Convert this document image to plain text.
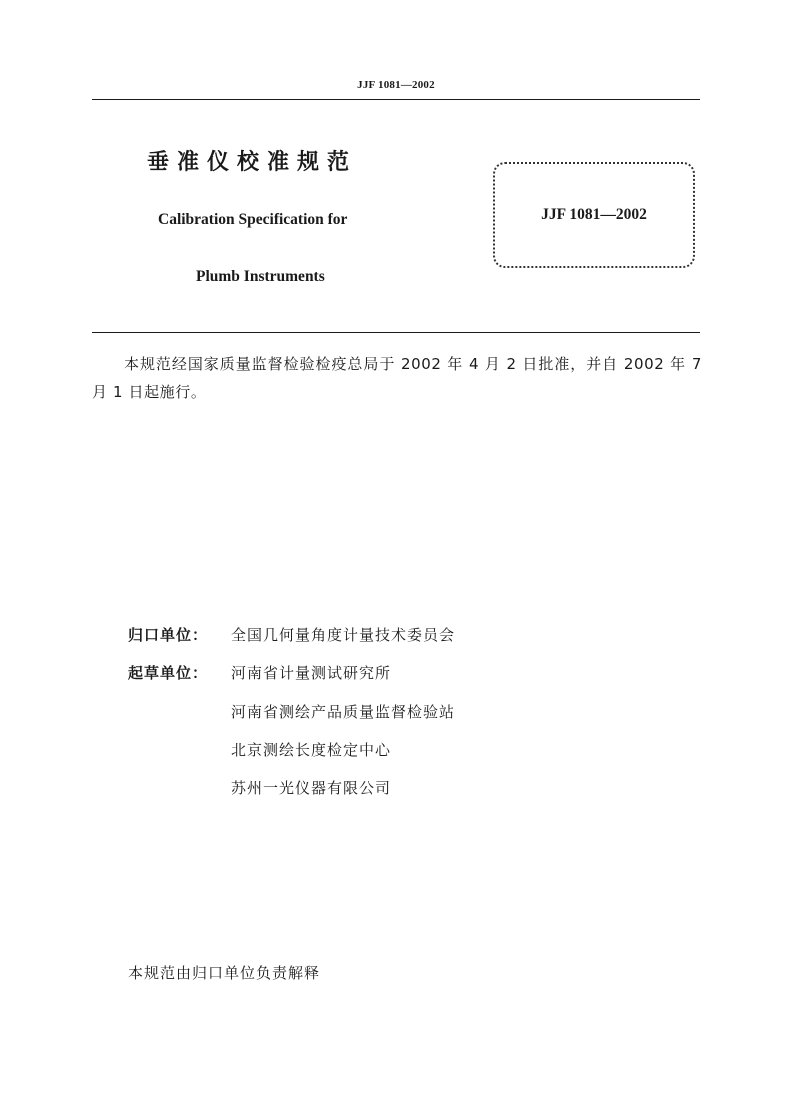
JJF 1081—2002
垂准仪校准规范
Calibration Specification for
Plumb Instruments
JJF 1081—2002
本规范经国家质量监督检验检疫总局于 2002 年 4 月 2 日批准，并自 2002 年 7 月 1 日起施行。
归口单位： 全国几何量角度计量技术委员会
起草单位： 河南省计量测试研究所
河南省测绘产品质量监督检验站
北京测绘长度检定中心
苏州一光仪器有限公司
本规范由归口单位负责解释
